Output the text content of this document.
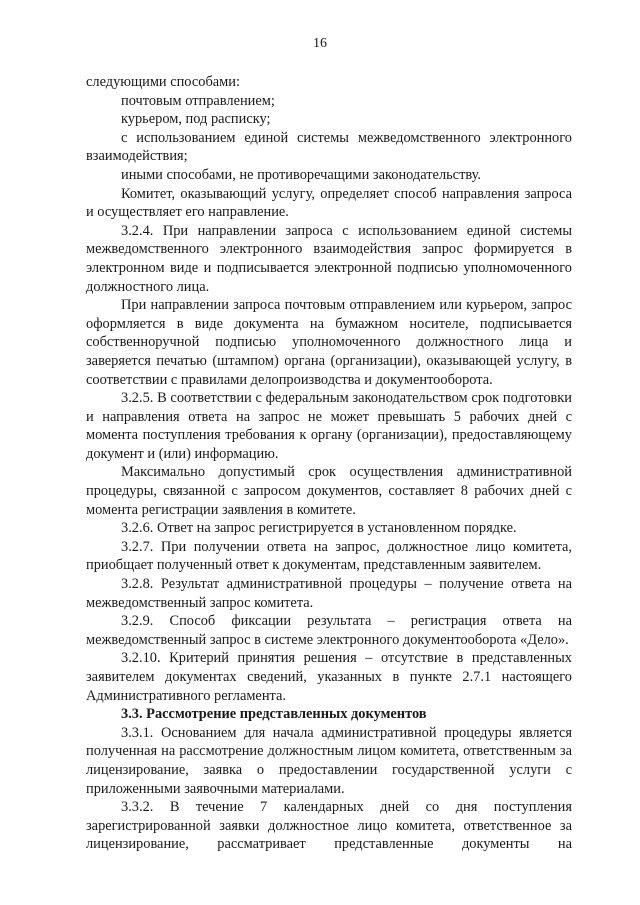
16

следующими способами:

почтовым отправлением;

курьером, под расписку;

с использованием единой системы межведомственного электронного взаимодействия;

иными способами, не противоречащими законодательству.

Комитет, оказывающий услугу, определяет способ направления запроса и осуществляет его направление.

3.2.4. При направлении запроса с использованием единой системы межведомственного электронного взаимодействия запрос формируется в электронном виде и подписывается электронной подписью уполномоченного должностного лица.

При направлении запроса почтовым отправлением или курьером, запрос оформляется в виде документа на бумажном носителе, подписывается собственноручной подписью уполномоченного должностного лица и заверяется печатью (штампом) органа (организации), оказывающей услугу, в соответствии с правилами делопроизводства и документооборота.

3.2.5. В соответствии с федеральным законодательством срок подготовки и направления ответа на запрос не может превышать 5 рабочих дней с момента поступления требования к органу (организации), предоставляющему документ и (или) информацию.

Максимально допустимый срок осуществления административной процедуры, связанной с запросом документов, составляет 8 рабочих дней с момента регистрации заявления в комитете.

3.2.6. Ответ на запрос регистрируется в установленном порядке.

3.2.7. При получении ответа на запрос, должностное лицо комитета, приобщает полученный ответ к документам, представленным заявителем.

3.2.8. Результат административной процедуры – получение ответа на межведомственный запрос комитета.

3.2.9. Способ фиксации результата – регистрация ответа на межведомственный запрос в системе электронного документооборота «Дело».

3.2.10. Критерий принятия решения – отсутствие в представленных заявителем документах сведений, указанных в пункте 2.7.1 настоящего Административного регламента.

3.3. Рассмотрение представленных документов

3.3.1. Основанием для начала административной процедуры является полученная на рассмотрение должностным лицом комитета, ответственным за лицензирование, заявка о предоставлении государственной услуги с приложенными заявочными материалами.

3.3.2. В течение 7 календарных дней со дня поступления зарегистрированной заявки должностное лицо комитета, ответственное за лицензирование, рассматривает представленные документы на
